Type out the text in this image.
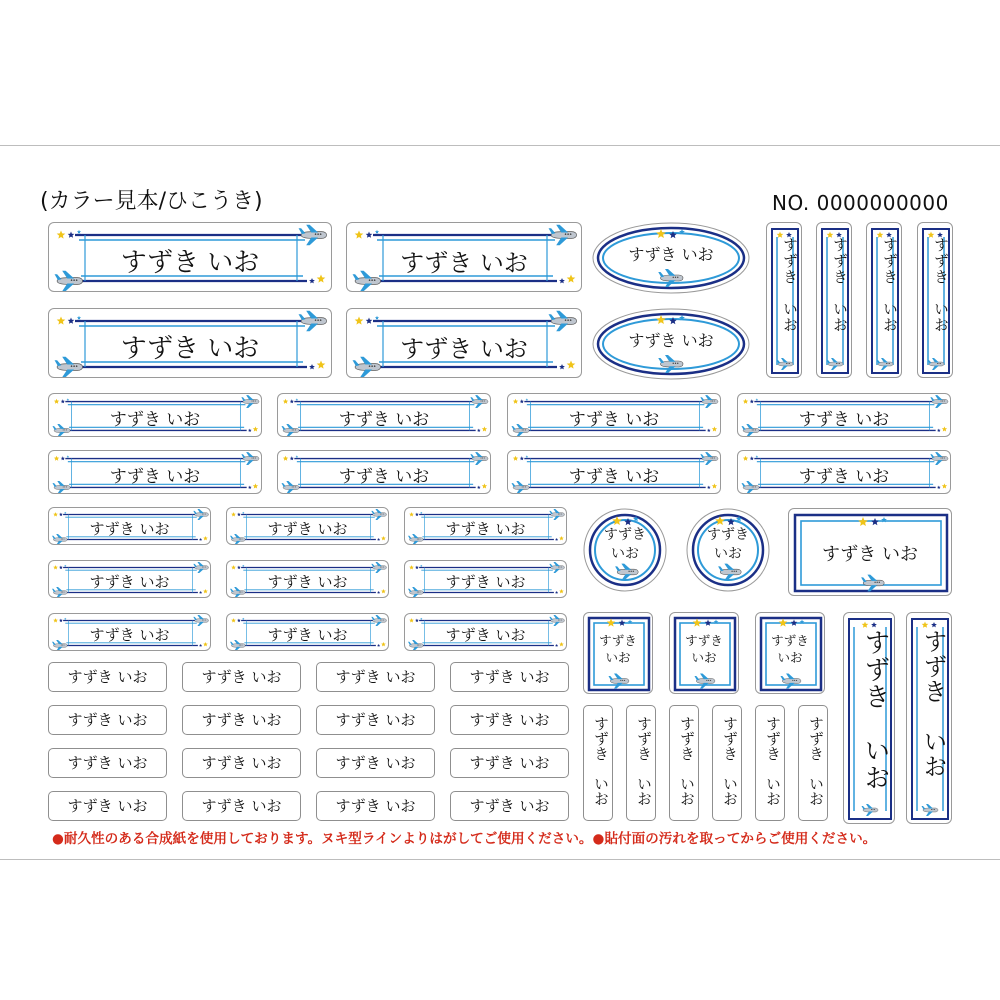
(カラー見本/ひこうき)	NO. 0000000000
●耐久性のある合成紙を使用しております。ヌキ型ラインよりはがしてご使用ください。●貼付面の汚れを取ってからご使用ください。
すずき いお
すずき いお
すずき いお
すずき いお
すずき いお
すずき いお
すずき　いお	すずき　いお	すずき　いお	すずき　いお
すずき いお
すずき いお
すずき いお
すずき いお
すずき いお
すずき いお
すずき いお
すずき いお
すずき いお
すずき いお
すずき いお
すずき いお
すずき いお
すずき いお
すずき いお
すずき いお
すずき いお
すずき
いお
すずき
いお	すずき いお
すずき
いお
すずき
いお
すずき
いお	すずき　いお	すずき　いお
すずき いお
すずき いお
すずき いお
すずき いお
すずき いお
すずき いお
すずき いお
すずき いお
すずき いお
すずき いお
すずき いお
すずき いお
すずき いお
すずき いお
すずき いお
すずき いお	すずき　いお	すずき　いお	すずき　いお	すずき　いお	すずき　いお	すずき　いお
